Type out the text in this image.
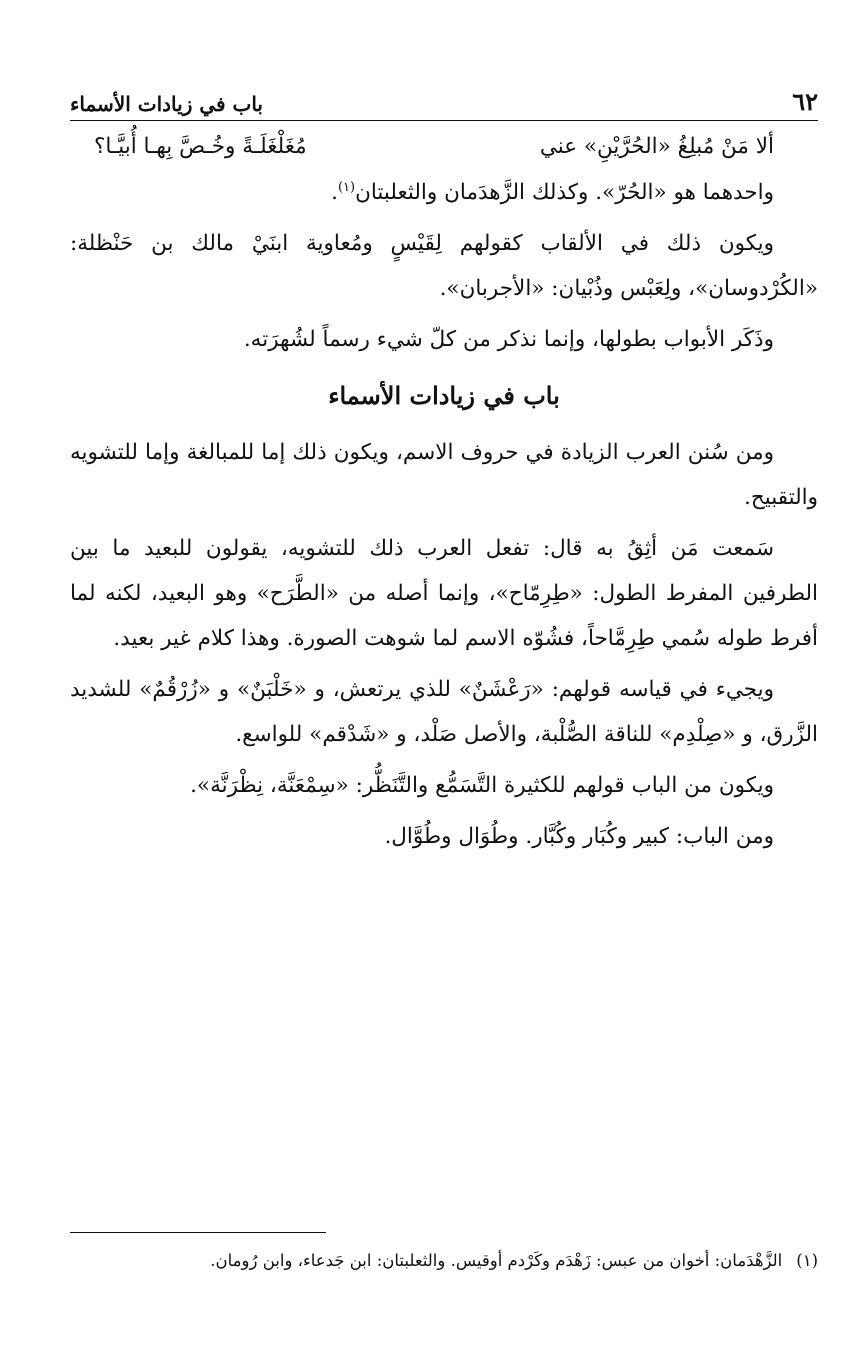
٦٢
باب في زيادات الأسماء
ألا مَنْ مُبلِغُ «الحُرَّيْنِ» عني
مُغَلْغَلَـةً وخُـصَّ بِهـا أُبيَّـا؟

واحدهما هو «الحُرّ». وكذلك الزَّهدَمان والثعلبتان$^{(١)}$.

ويكون ذلك في الألقاب كقولهم لِقَيْسٍ ومُعاوية ابنَيْ مالك بن حَنْظلة: «الكُرْدوسان»، ولِعَبْس وذُبْيان: «الأجربان».

وذَكَر الأبواب بطولها، وإنما نذكر من كلّ شيء رسماً لشُهرَته.

باب في زيادات الأسماء

ومن سُنن العرب الزيادة في حروف الاسم، ويكون ذلك إما للمبالغة وإما للتشويه والتقبيح.

سَمعت مَن أثِقُ به قال: تفعل العرب ذلك للتشويه، يقولون للبعيد ما بين الطرفين المفرط الطول: «طِرِمّاح»، وإنما أصله من «الطَّرَح» وهو البعيد، لكنه لما أفرط طوله سُمي طِرِمَّاحاً، فشُوّه الاسم لما شوهت الصورة. وهذا كلام غير بعيد.

ويجيء في قياسه قولهم: «رَعْشَنٌ» للذي يرتعش، و «خَلْبَنٌ» و «زُرْقُمٌ» للشديد الزَّرق، و «صِلْدِم» للناقة الصُّلْبة، والأصل صَلْد، و «شَدْقم» للواسع.

ويكون من الباب قولهم للكثيرة التَّسَمُّع والتَّنَظُّر: «سِمْعَنَّة، نِظْرَنَّة».

ومن الباب: كبير وكُبَار وكُبَّار. وطُوَال وطُوَّال.

(١)الزَّهْدَمان: أخوان من عبس: زَهْدَم وكَرْدم أوقيس. والثعلبتان: ابن جَدعاء، وابن رُومان.
